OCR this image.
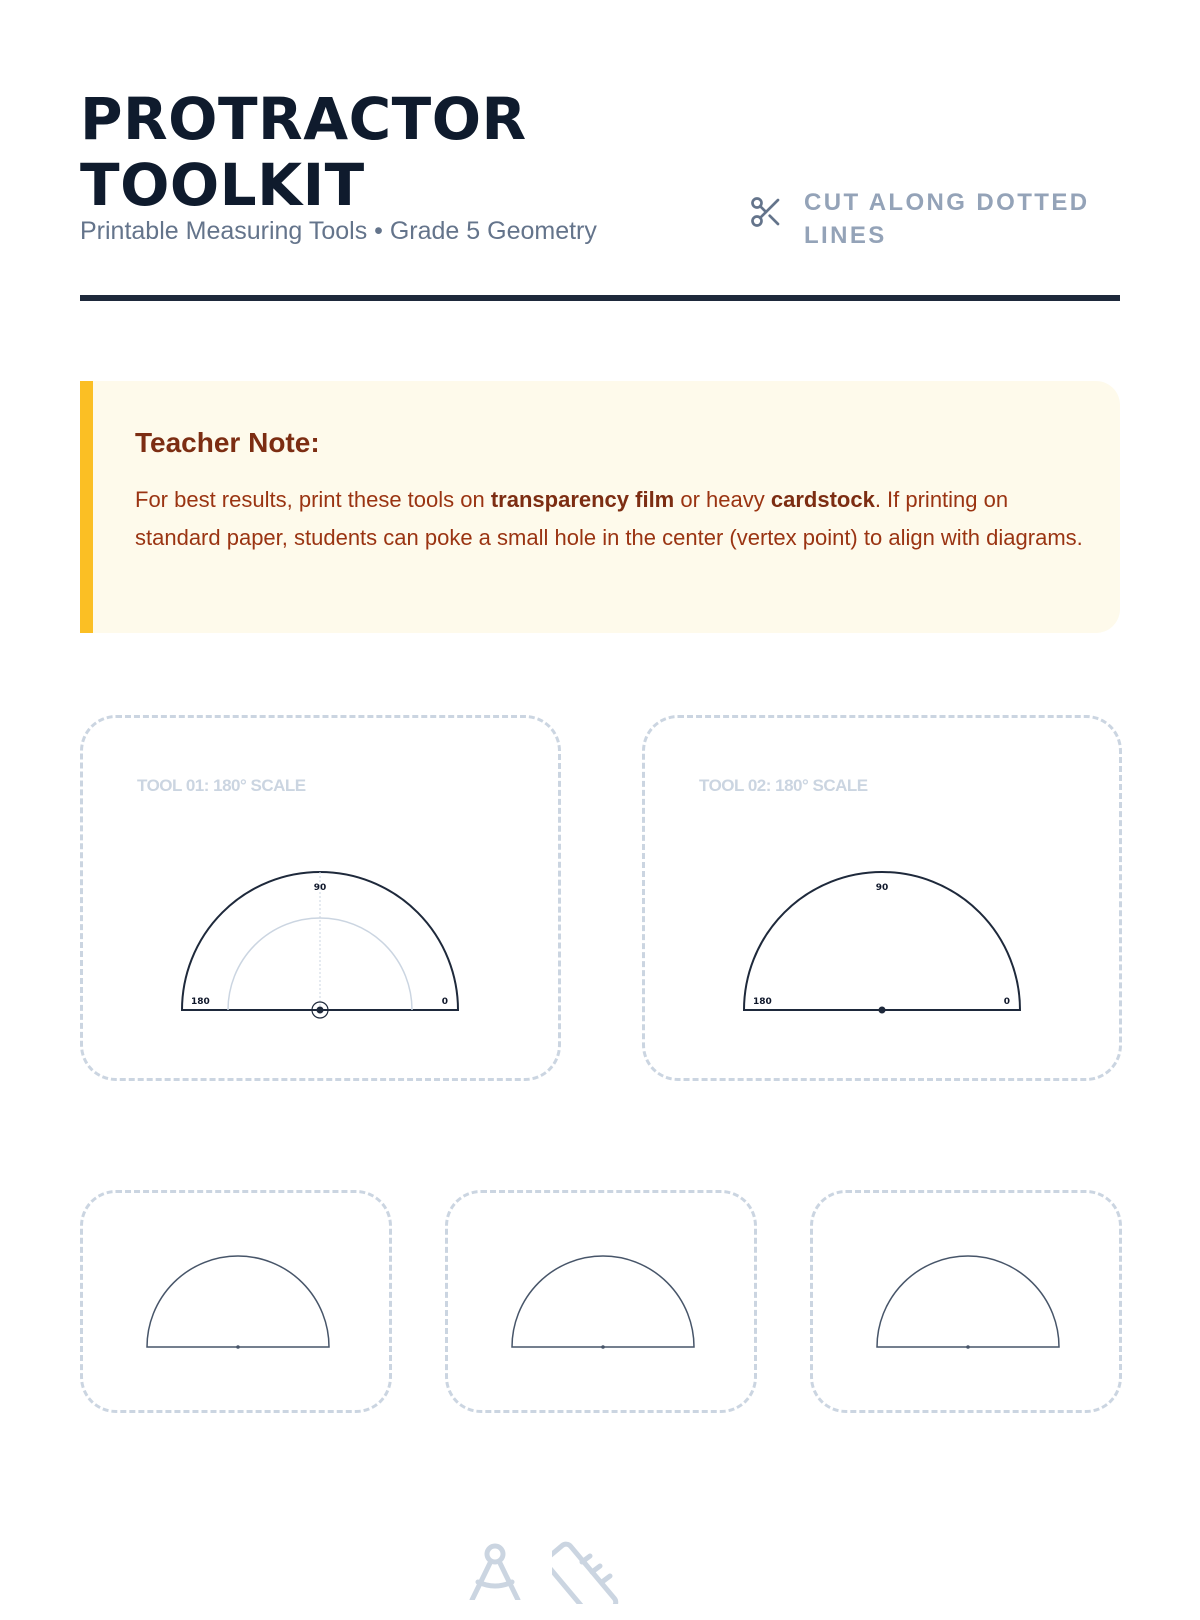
PROTRACTOR
TOOLKIT
Printable Measuring Tools • Grade 5 Geometry
CUT ALONG DOTTED LINES
Teacher Note:
For best results, print these tools on transparency film or heavy cardstock. If printing on standard paper, students can poke a small hole in the center (vertex point) to align with diagrams.
TOOL 01: 180° SCALE
90
180	0
TOOL 02: 180° SCALE
90
180	0
